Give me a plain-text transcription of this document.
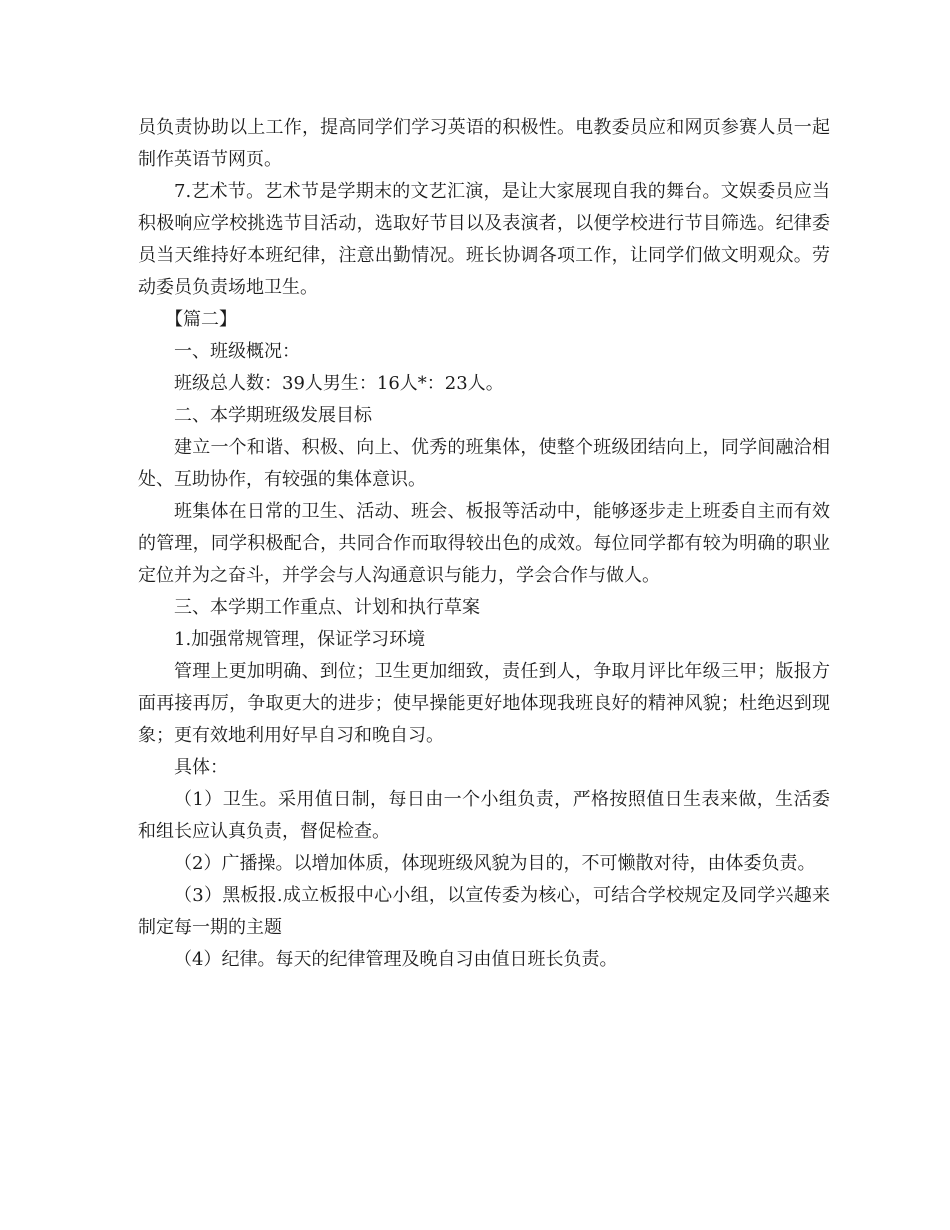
员负责协助以上工作，提高同学们学习英语的积极性。电教委员应和网页参赛人员一起制作英语节网页。

7.艺术节。艺术节是学期末的文艺汇演，是让大家展现自我的舞台。文娱委员应当积极响应学校挑选节目活动，选取好节目以及表演者，以便学校进行节目筛选。纪律委员当天维持好本班纪律，注意出勤情况。班长协调各项工作，让同学们做文明观众。劳动委员负责场地卫生。

【篇二】

一、班级概况：

班级总人数：39人男生：16人*：23人。

二、本学期班级发展目标

建立一个和谐、积极、向上、优秀的班集体，使整个班级团结向上，同学间融洽相处、互助协作，有较强的集体意识。

班集体在日常的卫生、活动、班会、板报等活动中，能够逐步走上班委自主而有效的管理，同学积极配合，共同合作而取得较出色的成效。每位同学都有较为明确的职业定位并为之奋斗，并学会与人沟通意识与能力，学会合作与做人。

三、本学期工作重点、计划和执行草案

1.加强常规管理，保证学习环境

管理上更加明确、到位；卫生更加细致，责任到人，争取月评比年级三甲；版报方面再接再厉，争取更大的进步；使早操能更好地体现我班良好的精神风貌；杜绝迟到现象；更有效地利用好早自习和晚自习。

具体：

（1）卫生。采用值日制，每日由一个小组负责，严格按照值日生表来做，生活委和组长应认真负责，督促检查。

（2）广播操。以增加体质，体现班级风貌为目的，不可懒散对待，由体委负责。

（3）黑板报.成立板报中心小组，以宣传委为核心，可结合学校规定及同学兴趣来制定每一期的主题

（4）纪律。每天的纪律管理及晚自习由值日班长负责。
